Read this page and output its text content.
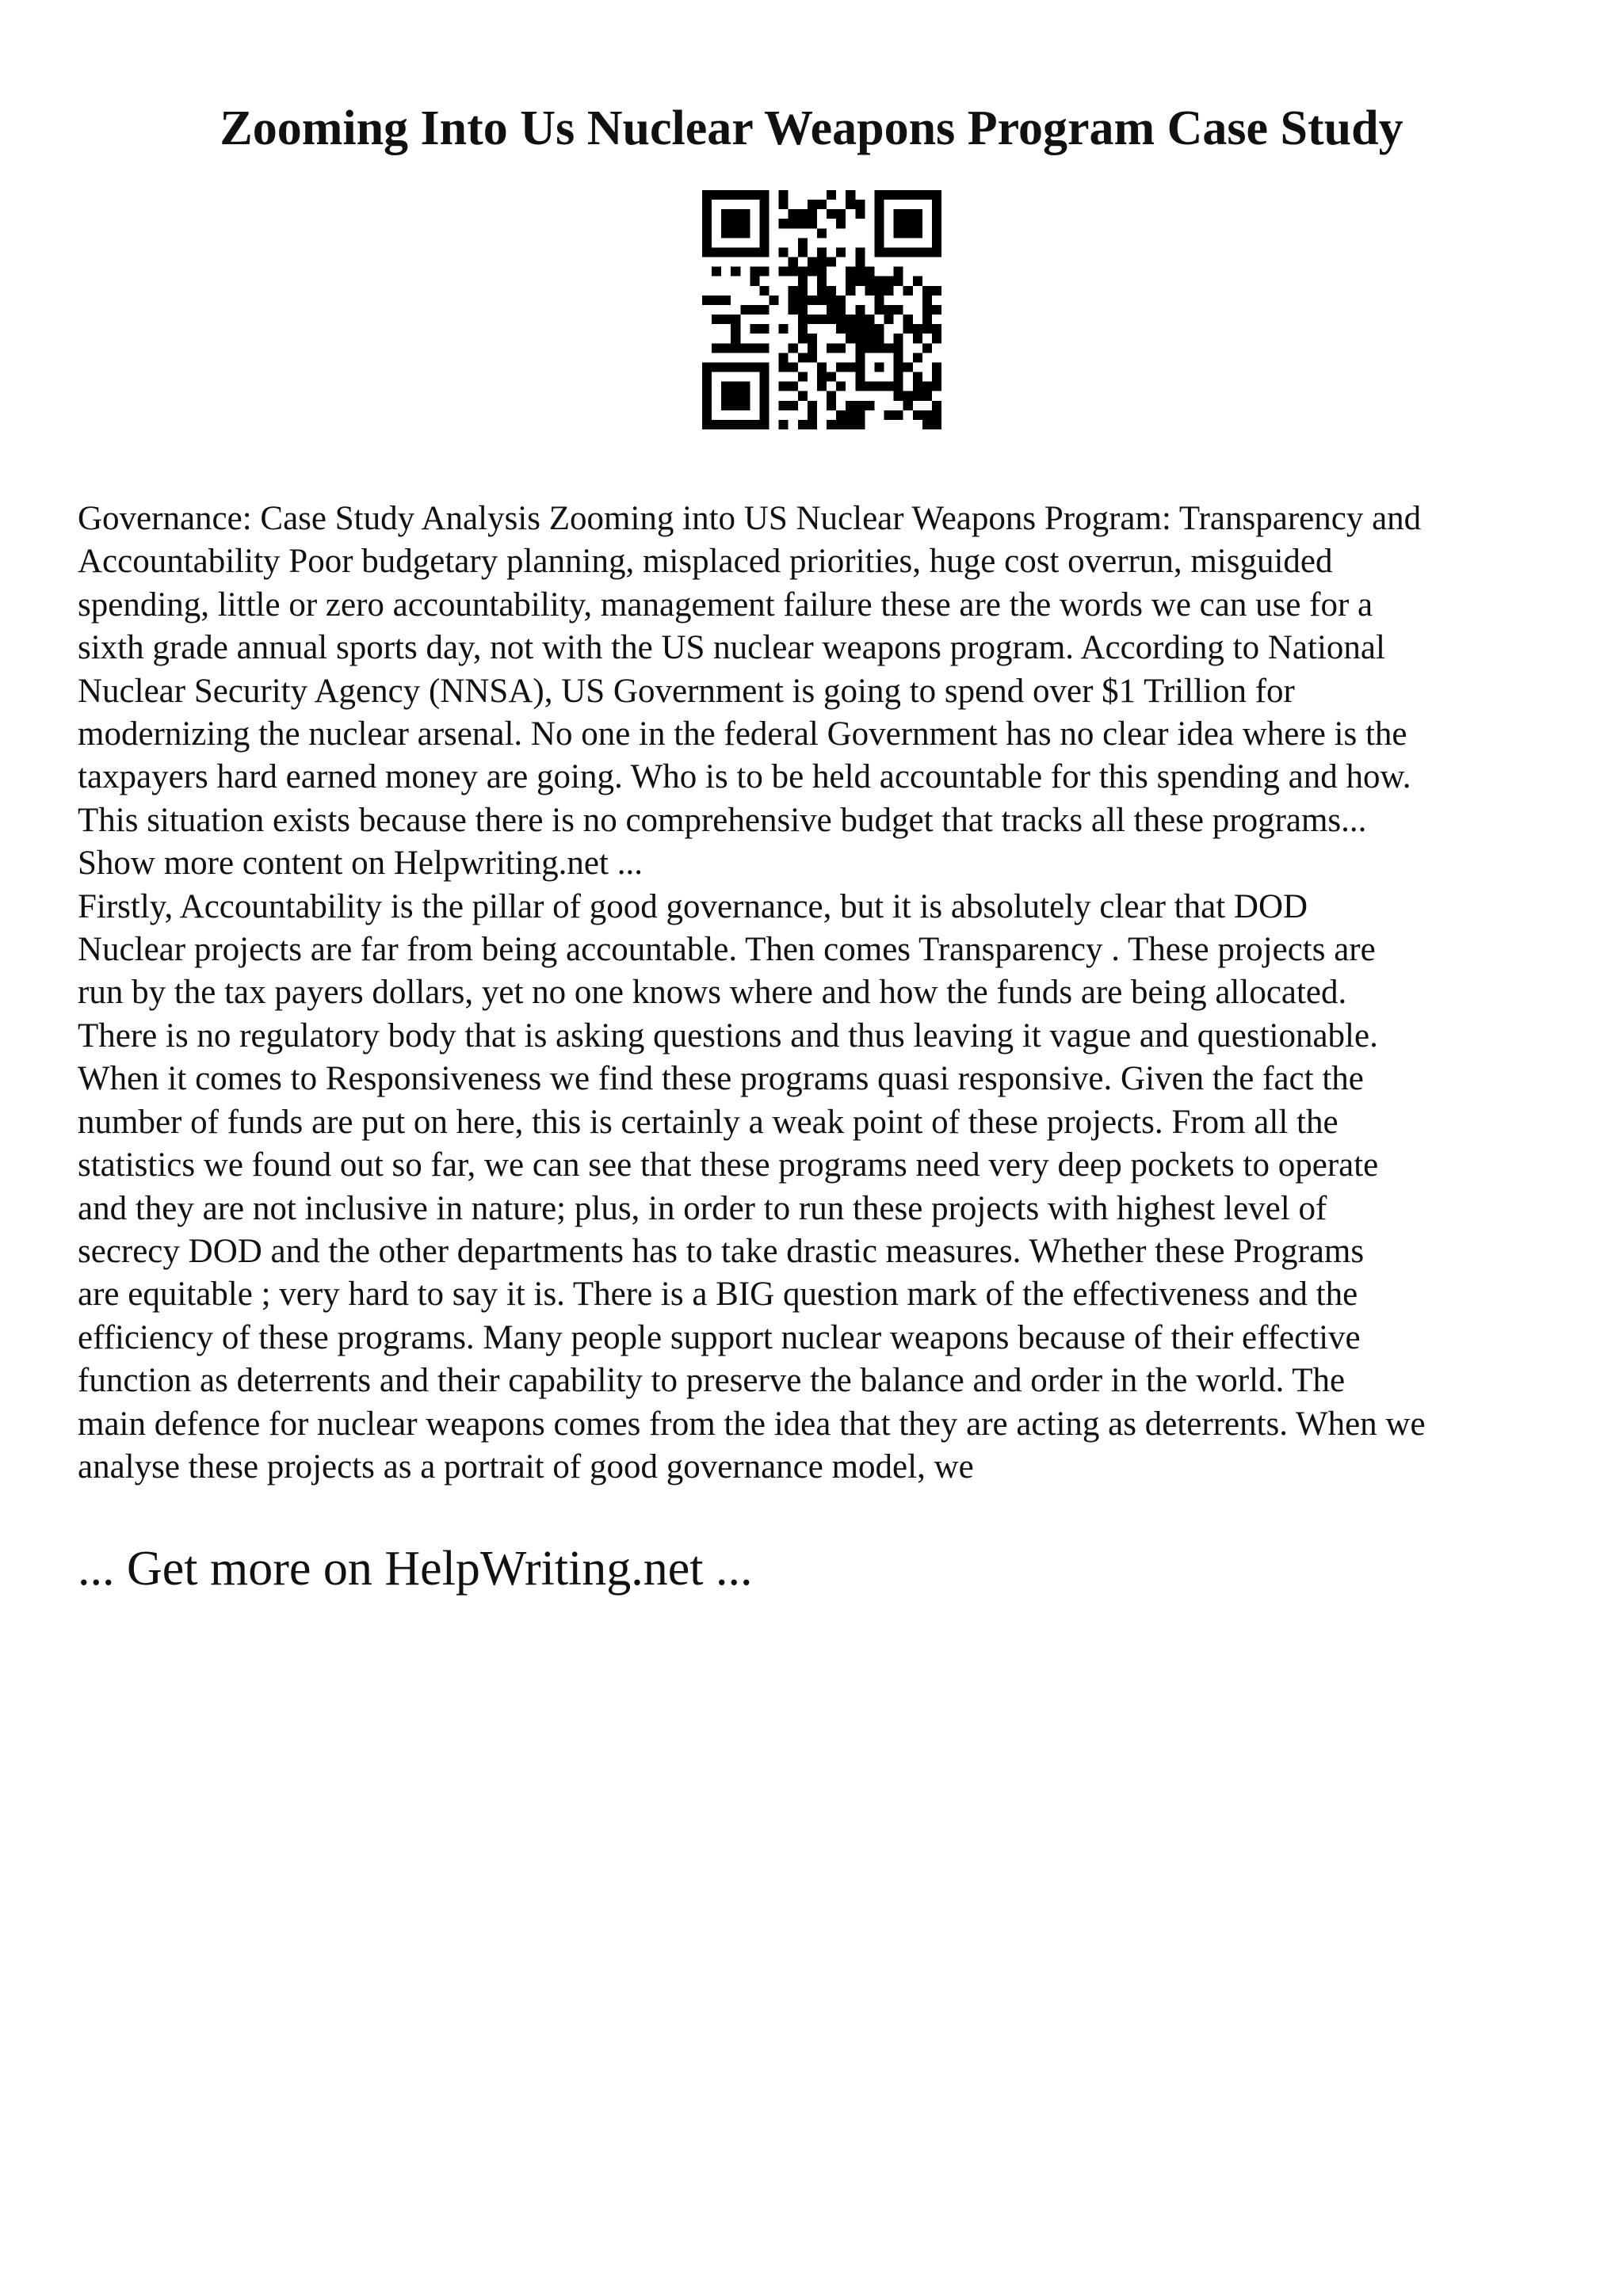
Zooming Into Us Nuclear Weapons Program Case Study
Governance: Case Study Analysis Zooming into US Nuclear Weapons Program: Transparency and
Accountability Poor budgetary planning, misplaced priorities, huge cost overrun, misguided
spending, little or zero accountability, management failure these are the words we can use for a
sixth grade annual sports day, not with the US nuclear weapons program. According to National
Nuclear Security Agency (NNSA), US Government is going to spend over $1 Trillion for
modernizing the nuclear arsenal. No one in the federal Government has no clear idea where is the
taxpayers hard earned money are going. Who is to be held accountable for this spending and how.
This situation exists because there is no comprehensive budget that tracks all these programs...
Show more content on Helpwriting.net ...
Firstly, Accountability is the pillar of good governance, but it is absolutely clear that DOD
Nuclear projects are far from being accountable. Then comes Transparency . These projects are
run by the tax payers dollars, yet no one knows where and how the funds are being allocated.
There is no regulatory body that is asking questions and thus leaving it vague and questionable.
When it comes to Responsiveness we find these programs quasi responsive. Given the fact the
number of funds are put on here, this is certainly a weak point of these projects. From all the
statistics we found out so far, we can see that these programs need very deep pockets to operate
and they are not inclusive in nature; plus, in order to run these projects with highest level of
secrecy DOD and the other departments has to take drastic measures. Whether these Programs
are equitable ; very hard to say it is. There is a BIG question mark of the effectiveness and the
efficiency of these programs. Many people support nuclear weapons because of their effective
function as deterrents and their capability to preserve the balance and order in the world. The
main defence for nuclear weapons comes from the idea that they are acting as deterrents. When we
analyse these projects as a portrait of good governance model, we
... Get more on HelpWriting.net ...
